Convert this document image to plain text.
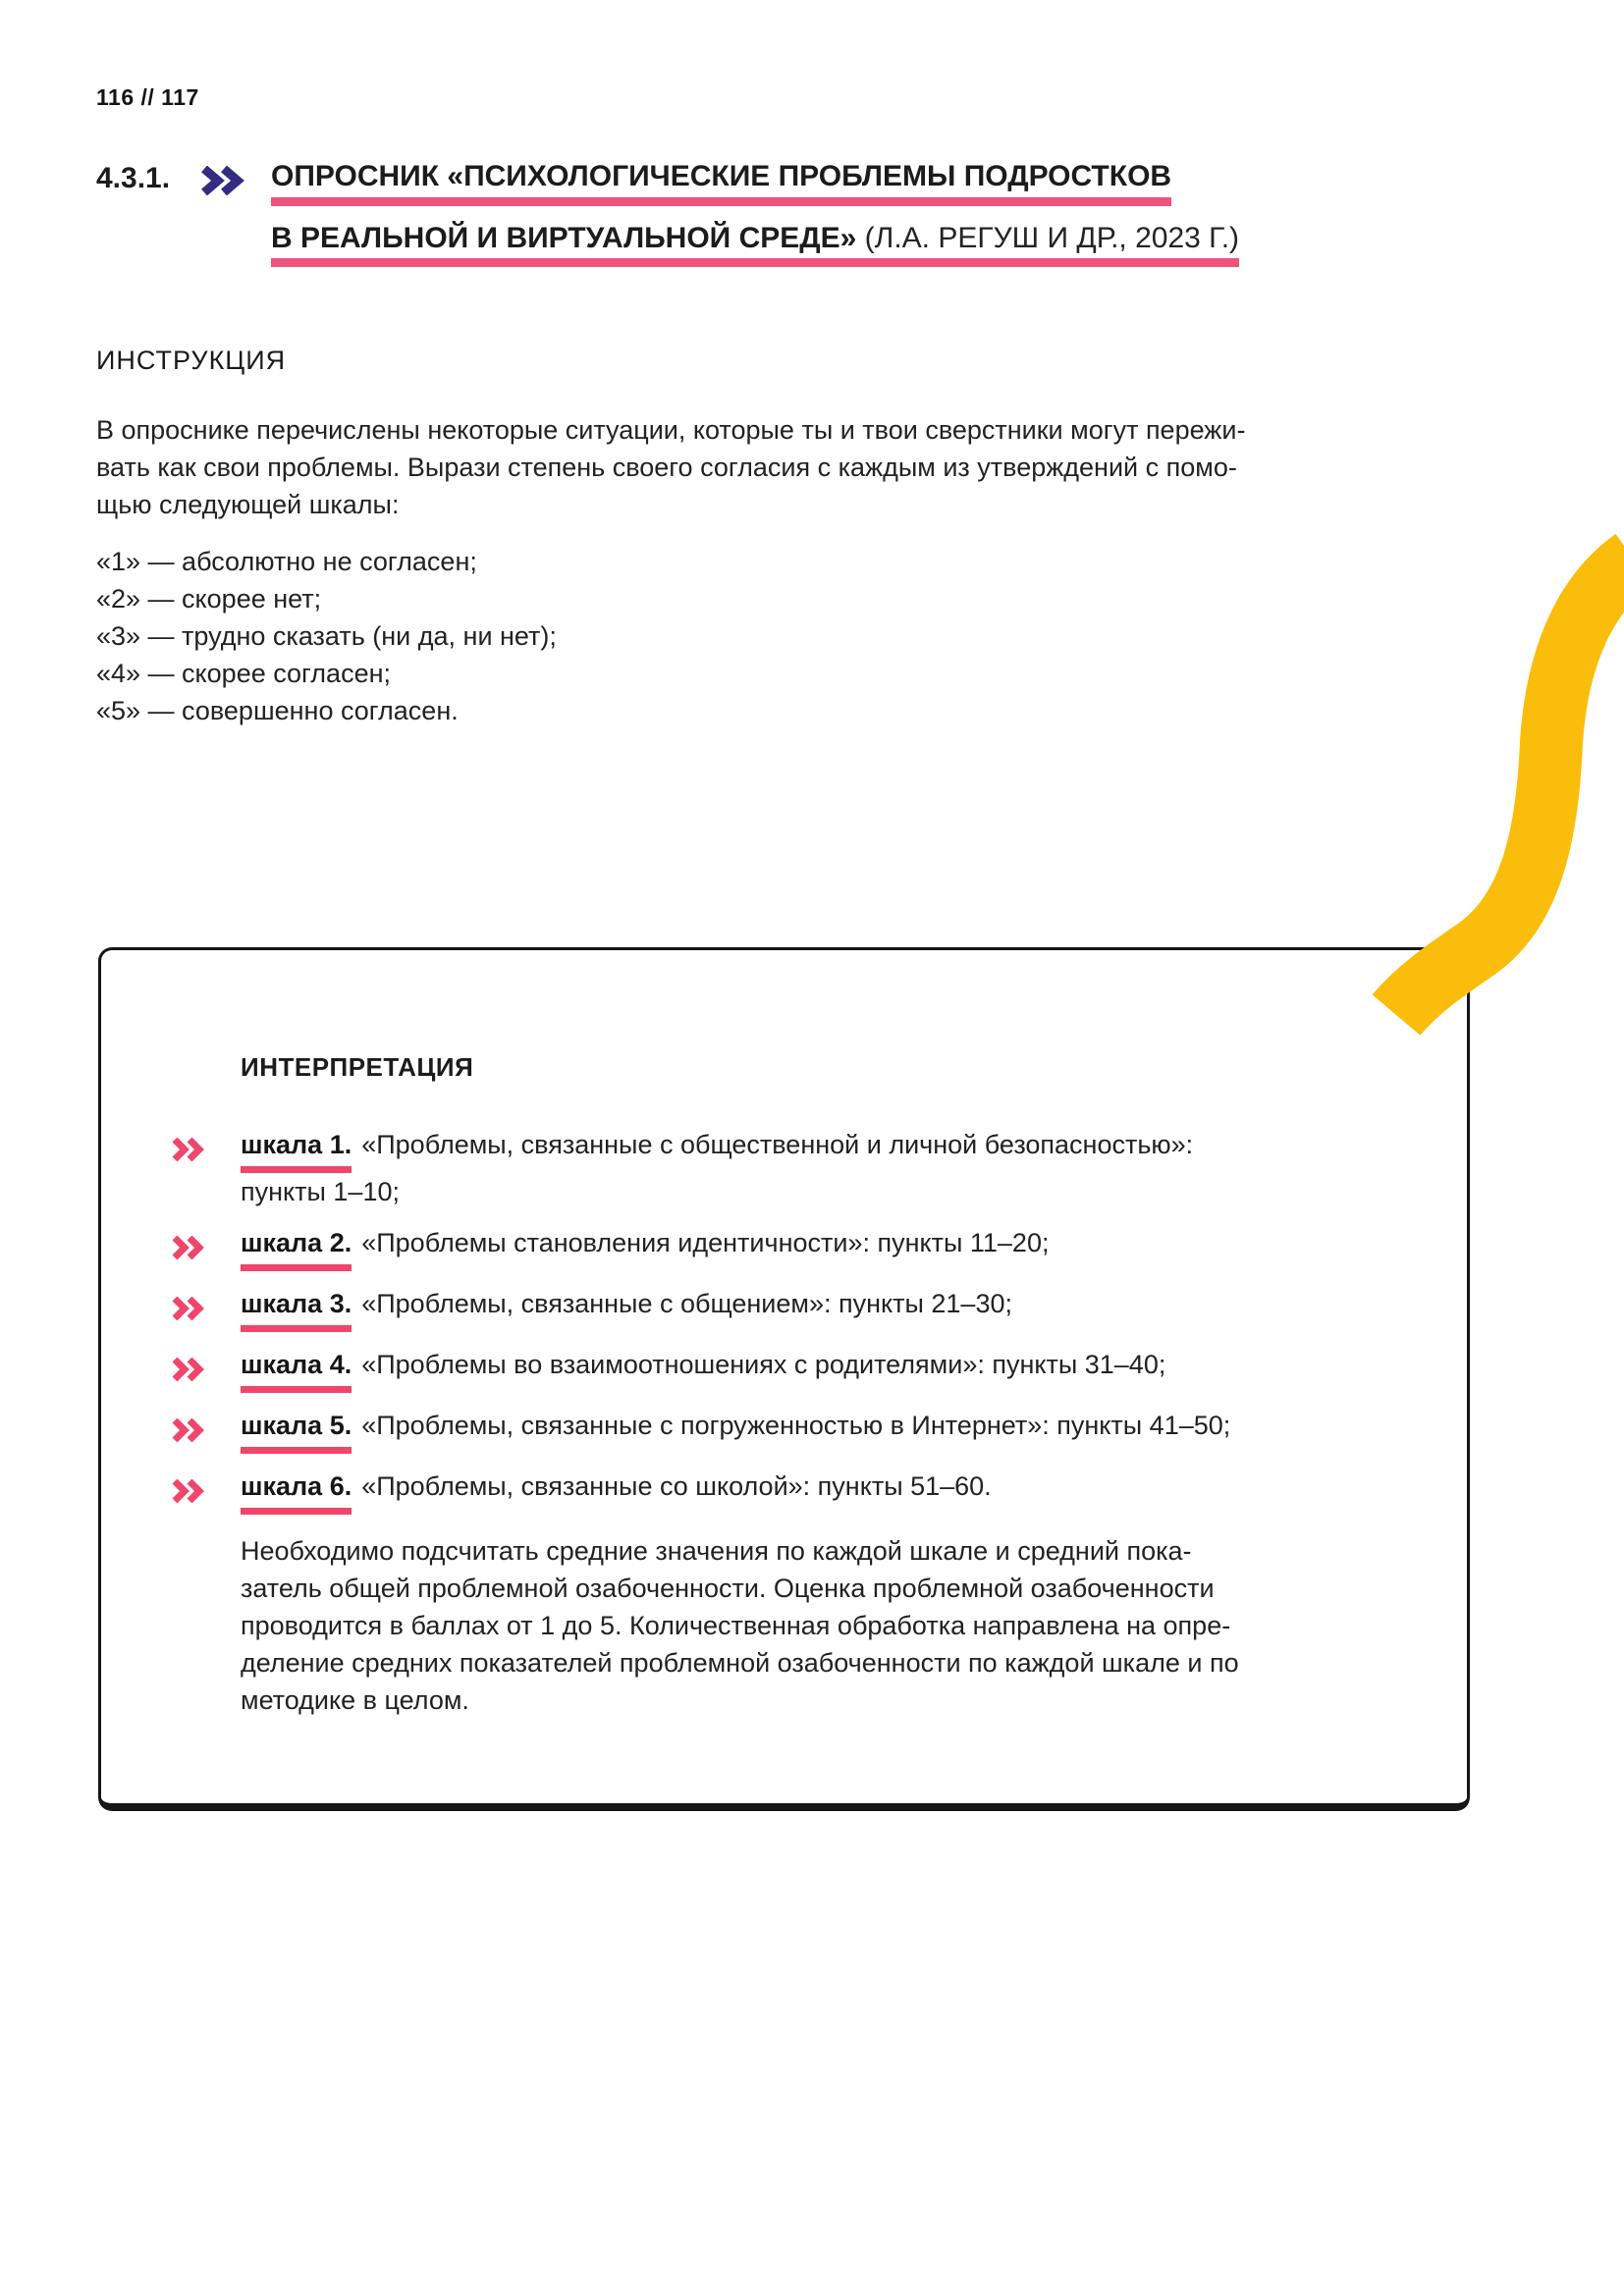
116 // 117
4.3.1.	ОПРОСНИК «ПСИХОЛОГИЧЕСКИЕ ПРОБЛЕМЫ ПОДРОСТКОВ
В РЕАЛЬНОЙ И ВИРТУАЛЬНОЙ СРЕДЕ» (Л.А. РЕГУШ И ДР., 2023 Г.)
ИНСТРУКЦИЯ
В опроснике перечислены некоторые ситуации, которые ты и твои сверстники могут пережи-
вать как свои проблемы. Вырази степень своего согласия с каждым из утверждений с помо-
щью следующей шкалы:
«1» — абсолютно не согласен;
«2» — скорее нет;
«3» — трудно сказать (ни да, ни нет);
«4» — скорее согласен;
«5» — совершенно согласен.
ИНТЕРПРЕТАЦИЯ
шкала 1. «Проблемы, связанные с общественной и личной безопасностью»:
пункты 1–10;
шкала 2. «Проблемы становления идентичности»: пункты 11–20;
шкала 3. «Проблемы, связанные с общением»: пункты 21–30;
шкала 4. «Проблемы во взаимоотношениях с родителями»: пункты 31–40;
шкала 5. «Проблемы, связанные с погруженностью в Интернет»: пункты 41–50;
шкала 6. «Проблемы, связанные со школой»: пункты 51–60.
Необходимо подсчитать средние значения по каждой шкале и средний пока-
затель общей проблемной озабоченности. Оценка проблемной озабоченности
проводится в баллах от 1 до 5. Количественная обработка направлена на опре-
деление средних показателей проблемной озабоченности по каждой шкале и по
методике в целом.
